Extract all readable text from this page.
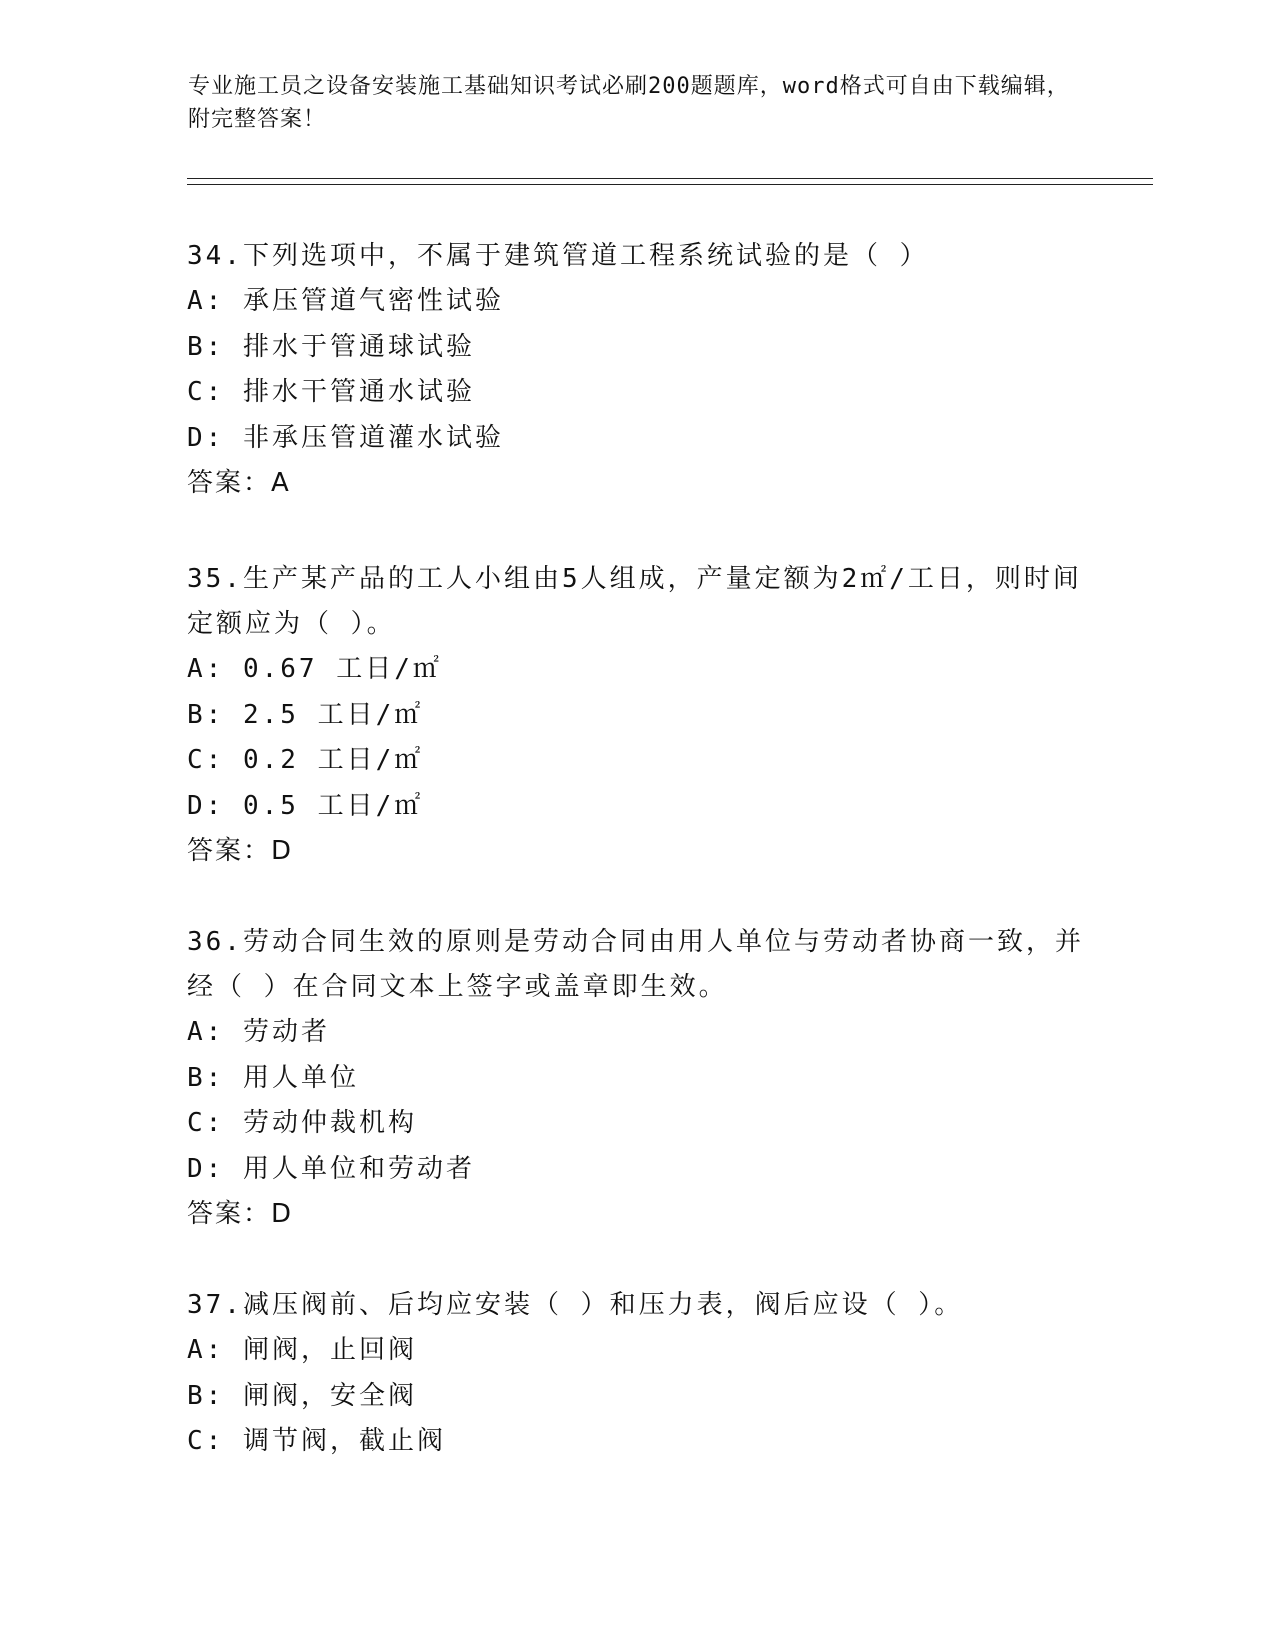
专业施工员之设备安装施工基础知识考试必刷200题题库，word格式可自由下载编辑，附完整答案！

34.下列选项中，不属于建筑管道工程系统试验的是（ ）

A: 承压管道气密性试验

B: 排水于管通球试验

C: 排水干管通水试验

D: 非承压管道灌水试验

答案：A

35.生产某产品的工人小组由5人组成，产量定额为2㎡/工日，则时间定额应为（ ）。

A: 0.67 工日/㎡

B: 2.5 工日/㎡

C: 0.2 工日/㎡

D: 0.5 工日/㎡

答案：D

36.劳动合同生效的原则是劳动合同由用人单位与劳动者协商一致，并经（ ）在合同文本上签字或盖章即生效。

A: 劳动者

B: 用人单位

C: 劳动仲裁机构

D: 用人单位和劳动者

答案：D

37.减压阀前、后均应安装（ ）和压力表，阀后应设（ ）。

A: 闸阀，止回阀

B: 闸阀，安全阀

C: 调节阀，截止阀
